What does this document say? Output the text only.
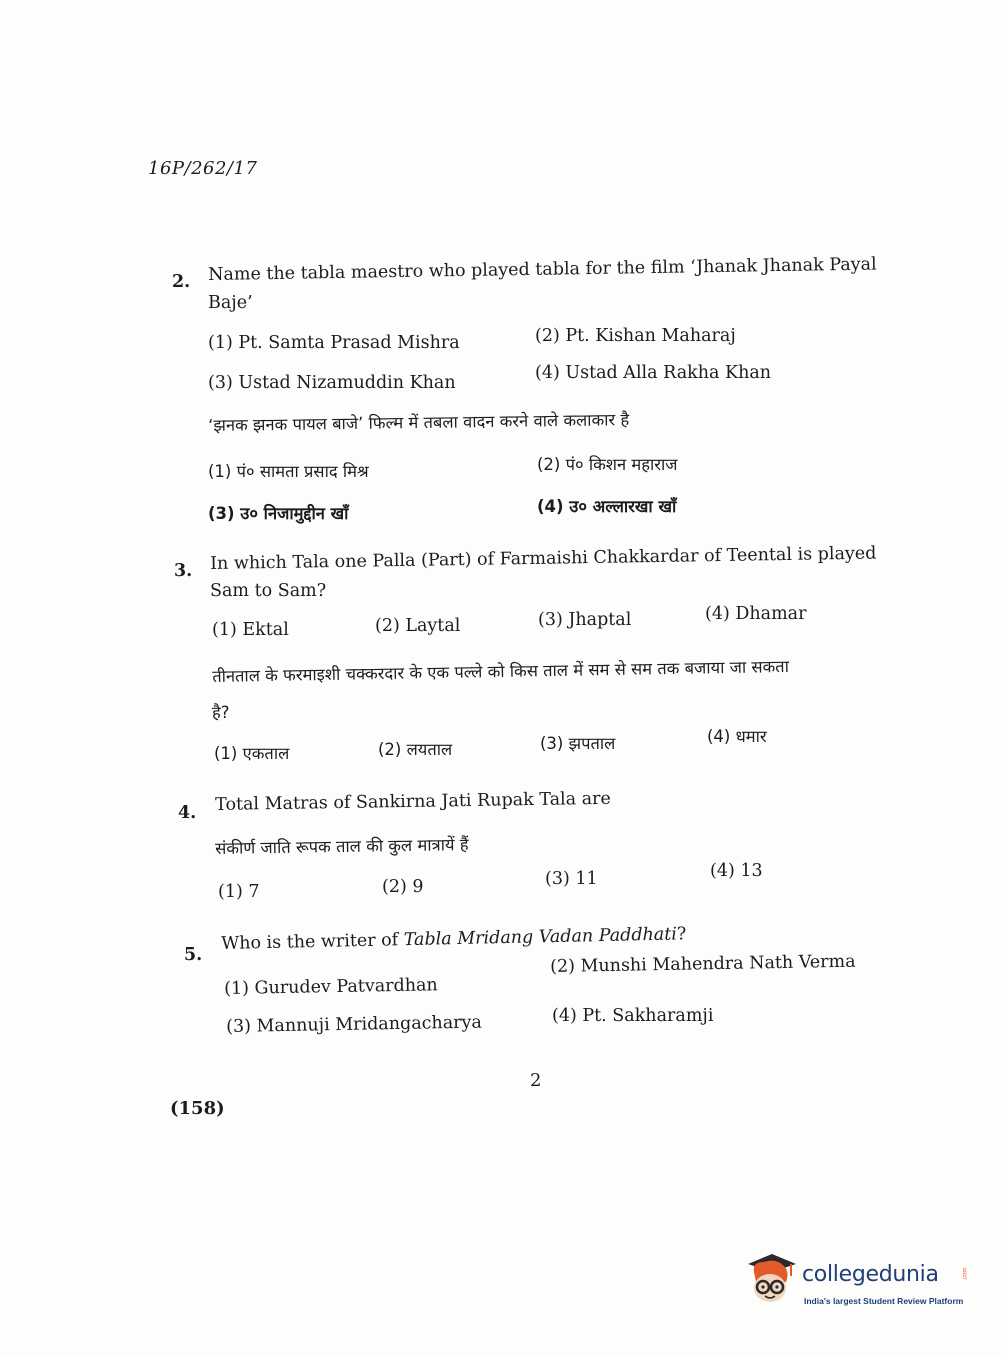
16P/262/17
2. Name the tabla maestro who played tabla for the film ‘Jhanak Jhanak Payal
Baje’
(1) Pt. Samta Prasad Mishra	(2) Pt. Kishan Maharaj
(3) Ustad Nizamuddin Khan	(4) Ustad Alla Rakha Khan
‘झनक झनक पायल बाजे’ फिल्म में तबला वादन करने वाले कलाकार है
(1) पं० सामता प्रसाद मिश्र	(2) पं० किशन महाराज
(3) उ० निजामुद्दीन खाँ	(4) उ० अल्लारखा खाँ
3. In which Tala one Palla (Part) of Farmaishi Chakkardar of Teental is played
Sam to Sam?
(1) Ektal	(2) Laytal	(3) Jhaptal	(4) Dhamar
तीनताल के फरमाइशी चक्करदार के एक पल्ले को किस ताल में सम से सम तक बजाया जा सकता
है?
(1) एकताल	(2) लयताल	(3) झपताल	(4) धमार
4. Total Matras of Sankirna Jati Rupak Tala are
संकीर्ण जाति रूपक ताल की कुल मात्रायें हैं
(1) 7	(2) 9	(3) 11	(4) 13
5.
Who is the writer of Tabla Mridang Vadan Paddhati?
(1) Gurudev Patvardhan
(2) Munshi Mahendra Nath Verma
(3) Mannuji Mridangacharya	(4) Pt. Sakharamji
2
(158)
collegedunia	.com
India's largest Student Review Platform
